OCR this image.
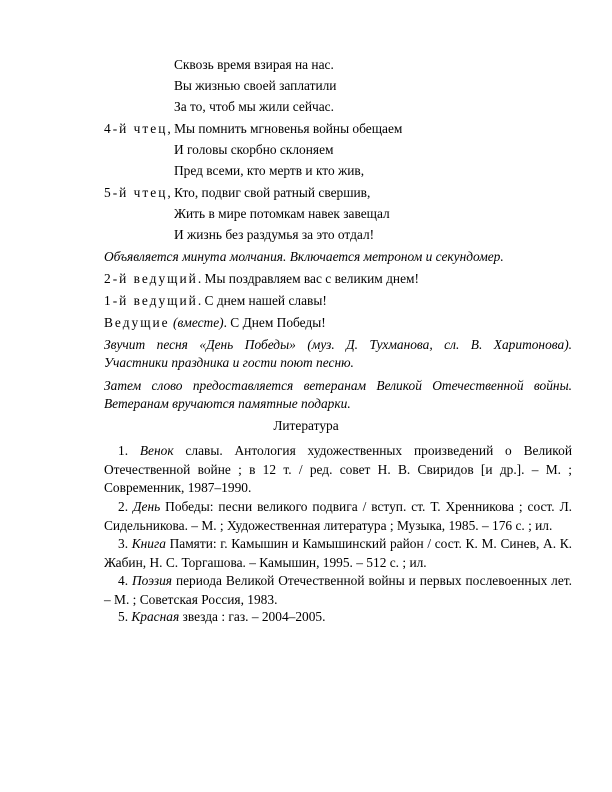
Сквозь время взирая на нас.
Вы жизнью своей заплатили
За то, чтоб мы жили сейчас.
4-й чтец, Мы помнить мгновенья войны обещаем
И головы скорбно склоняем
Пред всеми, кто мертв и кто жив,
5-й чтец, Кто, подвиг свой ратный свершив,
Жить в мире потомкам навек завещал
И жизнь без раздумья за это отдал!
Объявляется минута молчания. Включается метроном и секундомер.
2-й ведущий. Мы поздравляем вас с великим днем!
1-й ведущий. С днем нашей славы!
Ведущие (вместе). С Днем Победы!
Звучит песня «День Победы» (муз. Д. Тухманова, сл. В. Харитонова).
Участники праздника и гости поют песню.
Затем слово предоставляется ветеранам Великой Отечественной войны.
Ветеранам вручаются памятные подарки.
Литература
1. Венок славы. Антология художественных произведений о Великой Отечественной войне ; в 12 т. / ред. совет Н. В. Свиридов [и др.]. – М. ; Современник, 1987–1990.
2. День Победы: песни великого подвига / вступ. ст. Т. Хренникова ; сост. Л. Сидельникова. – М. ; Художественная литература ; Музыка, 1985. – 176 с. ; ил.
3. Книга Памяти: г. Камышин и Камышинский район / сост. К. М. Синев, А. К. Жабин, Н. С. Торгашова. – Камышин, 1995. – 512 с. ; ил.
4. Поэзия периода Великой Отечественной войны и первых послевоенных лет. – М. ; Советская Россия, 1983.
5. Красная звезда : газ. – 2004–2005.
